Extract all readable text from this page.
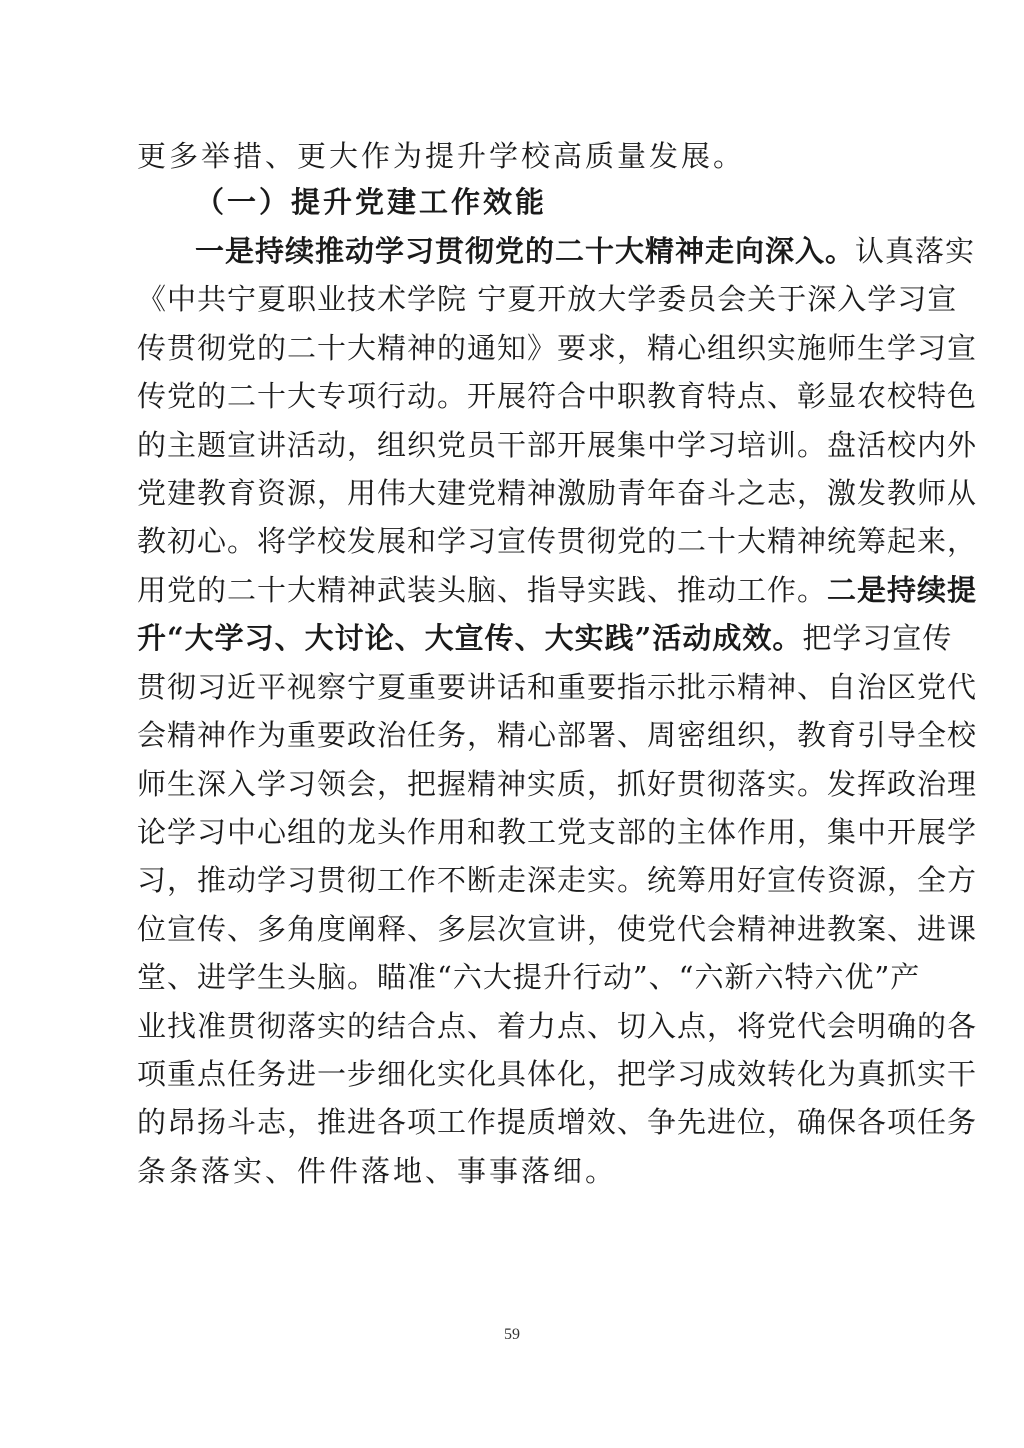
更多举措、更大作为提升学校高质量发展。
（一）提升党建工作效能
一是持续推动学习贯彻党的二十大精神走向深入。认真落实
《中共宁夏职业技术学院 宁夏开放大学委员会关于深入学习宣
传贯彻党的二十大精神的通知》要求，精心组织实施师生学习宣
传党的二十大专项行动。开展符合中职教育特点、彰显农校特色
的主题宣讲活动，组织党员干部开展集中学习培训。盘活校内外
党建教育资源，用伟大建党精神激励青年奋斗之志，激发教师从
教初心。将学校发展和学习宣传贯彻党的二十大精神统筹起来，
用党的二十大精神武装头脑、指导实践、推动工作。二是持续提
升“大学习、大讨论、大宣传、大实践”活动成效。把学习宣传
贯彻习近平视察宁夏重要讲话和重要指示批示精神、自治区党代
会精神作为重要政治任务，精心部署、周密组织，教育引导全校
师生深入学习领会，把握精神实质，抓好贯彻落实。发挥政治理
论学习中心组的龙头作用和教工党支部的主体作用，集中开展学
习，推动学习贯彻工作不断走深走实。统筹用好宣传资源，全方
位宣传、多角度阐释、多层次宣讲，使党代会精神进教案、进课
堂、进学生头脑。瞄准“六大提升行动”、“六新六特六优”产
业找准贯彻落实的结合点、着力点、切入点，将党代会明确的各
项重点任务进一步细化实化具体化，把学习成效转化为真抓实干
的昂扬斗志，推进各项工作提质增效、争先进位，确保各项任务
条条落实、件件落地、事事落细。
59
